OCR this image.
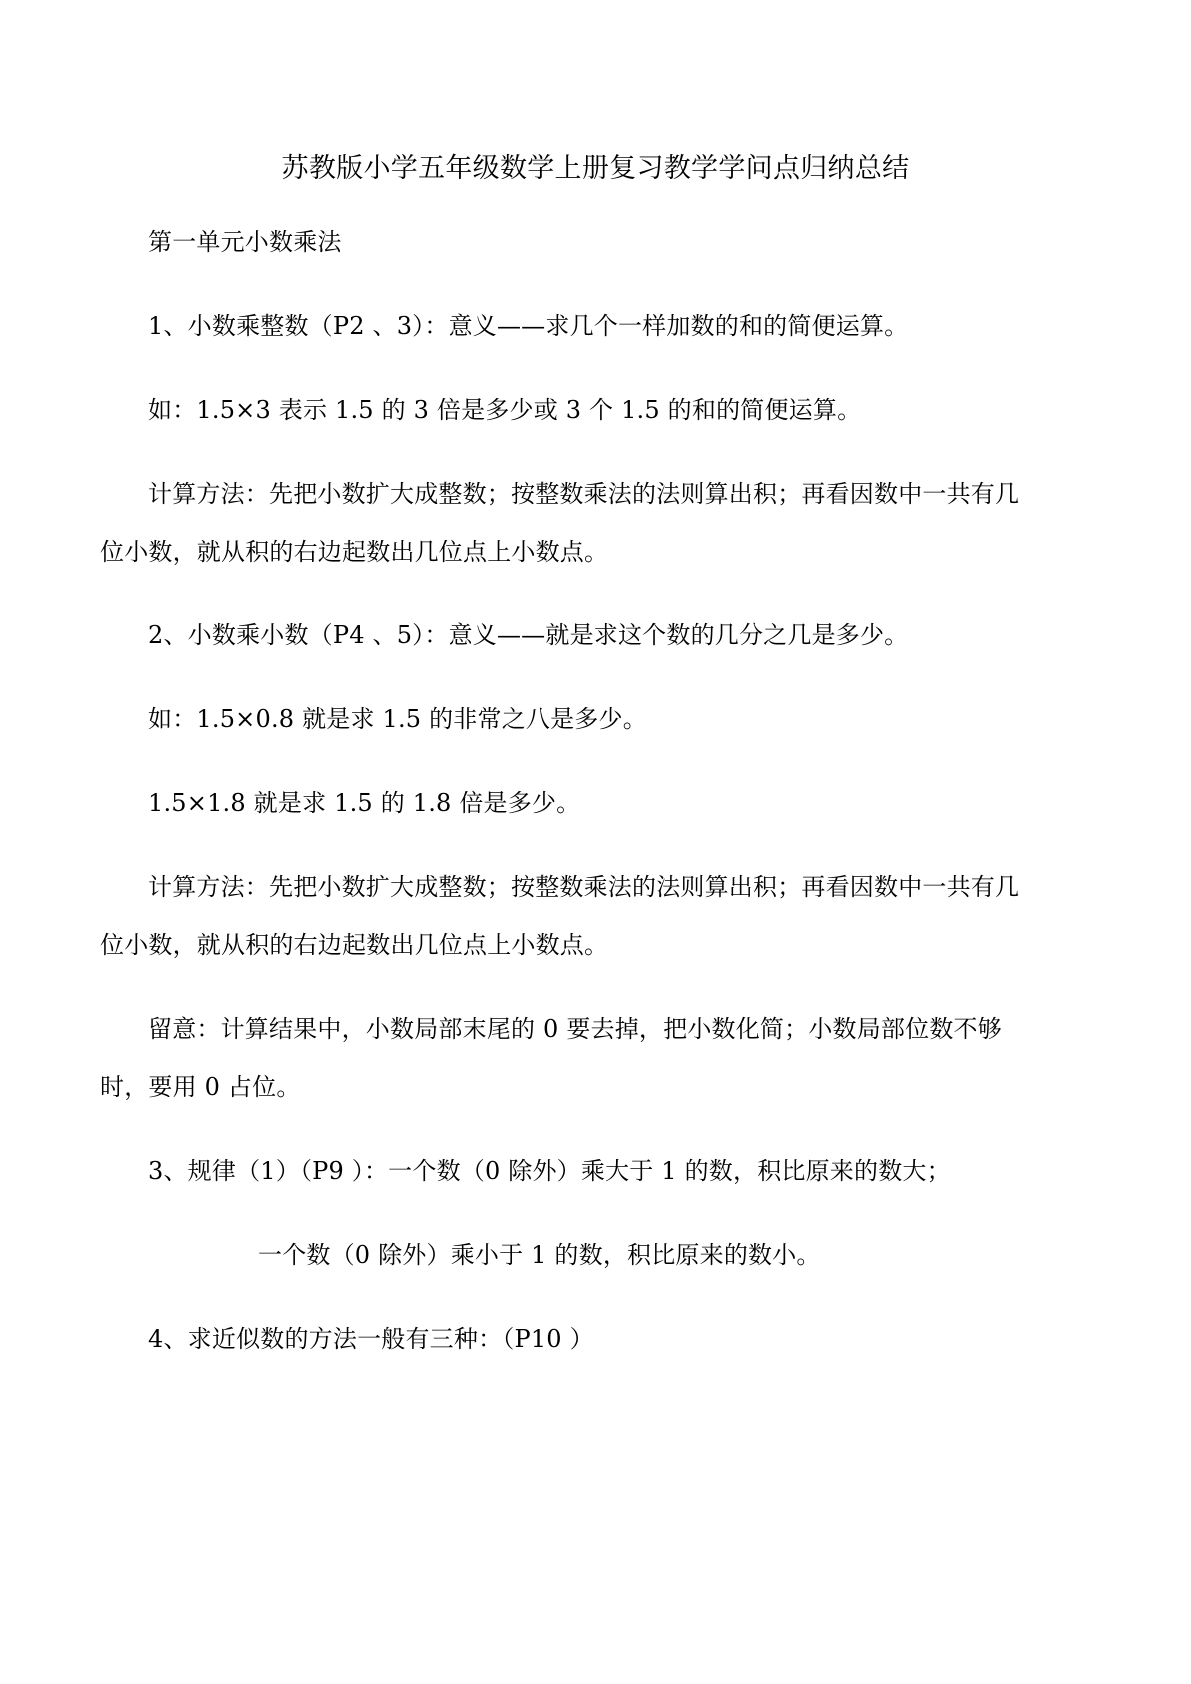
苏教版小学五年级数学上册复习教学学问点归纳总结
第一单元小数乘法
1、小数乘整数（P2 、3）：意义——求几个一样加数的和的简便运算。
如：1.5×3 表示 1.5 的 3 倍是多少或 3 个 1.5 的和的简便运算。
计算方法：先把小数扩大成整数；按整数乘法的法则算出积；再看因数中一共有几
位小数，就从积的右边起数出几位点上小数点。
2、小数乘小数（P4 、5）：意义——就是求这个数的几分之几是多少。
如：1.5×0.8 就是求 1.5 的非常之八是多少。
1.5×1.8 就是求 1.5 的 1.8 倍是多少。
计算方法：先把小数扩大成整数；按整数乘法的法则算出积；再看因数中一共有几
位小数，就从积的右边起数出几位点上小数点。
留意：计算结果中，小数局部末尾的 0 要去掉，把小数化简；小数局部位数不够
时，要用 0 占位。
3、规律（1）（P9 ）：一个数（0 除外）乘大于 1 的数，积比原来的数大；
一个数（0 除外）乘小于 1 的数，积比原来的数小。
4、求近似数的方法一般有三种：（P10 ）
